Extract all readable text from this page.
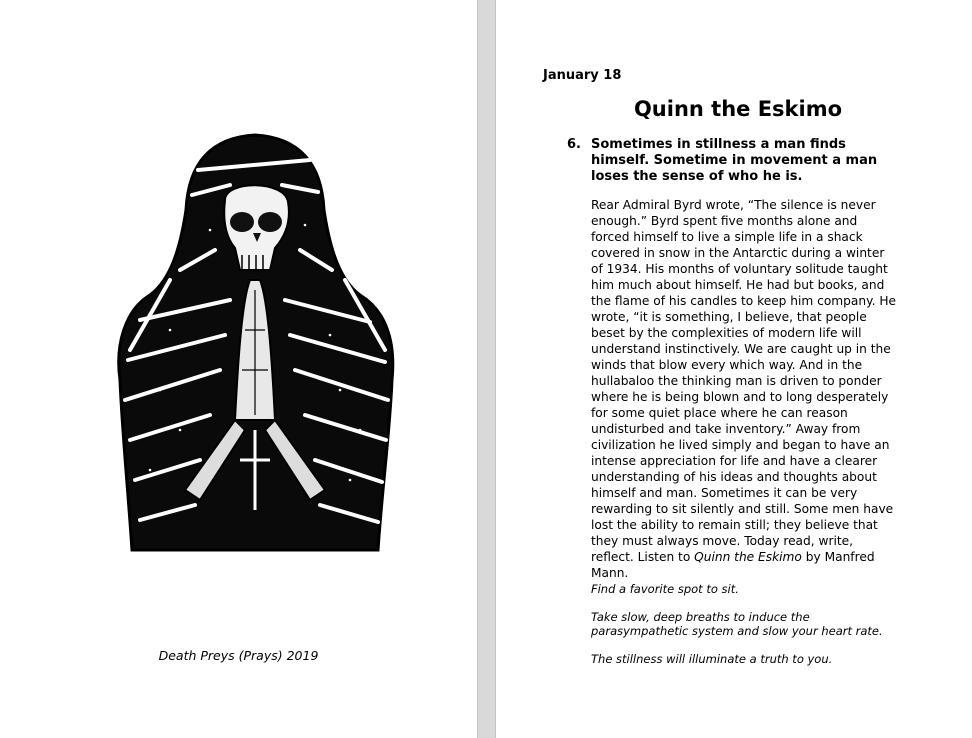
Death Preys (Prays) 2019
January 18
Quinn the Eskimo
6. Sometimes in stillness a man finds himself. Sometime in movement a man loses the sense of who he is.
Rear Admiral Byrd wrote, “The silence is never enough.” Byrd spent five months alone and forced himself to live a simple life in a shack covered in snow in the Antarctic during a winter of 1934. His months of voluntary solitude taught him much about himself. He had but books, and the flame of his candles to keep him company. He wrote, “it is something, I believe, that people beset by the complexities of modern life will understand instinctively. We are caught up in the winds that blow every which way. And in the hullabaloo the thinking man is driven to ponder where he is being blown and to long desperately for some quiet place where he can reason undisturbed and take inventory.” Away from civilization he lived simply and began to have an intense appreciation for life and have a clearer understanding of his ideas and thoughts about himself and man. Sometimes it can be very rewarding to sit silently and still. Some men have lost the ability to remain still; they believe that they must always move. Today read, write, reflect. Listen to Quinn the Eskimo by Manfred Mann.
Find a favorite spot to sit.
Take slow, deep breaths to induce the parasympathetic system and slow your heart rate.
The stillness will illuminate a truth to you.
